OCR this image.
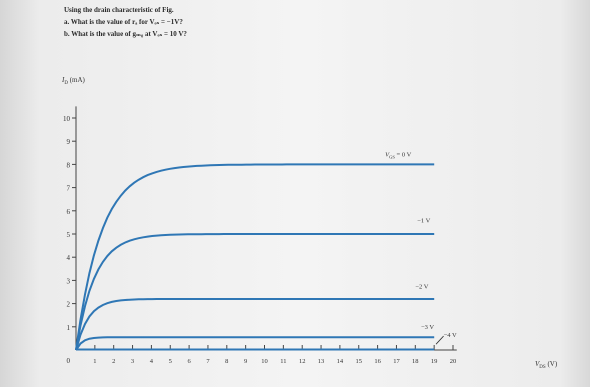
Using the drain characteristic of Fig.
a. What is the value of rₐ for Vₒₛ = −1V?
b. What is the value of gₘ₀ at Vₒₛ = 10 V?
1
2
3
4
5
6
7
8
9
10
1 2 3 4 5 6 7 8 9 10 11 12 13 14 15 16 17 18 19 20
0
$I_D$ (mA)
$V_{DS}$ (V)
$V_{GS} = 0$ V
−1 V
−2 V
−3 V
−4 V
